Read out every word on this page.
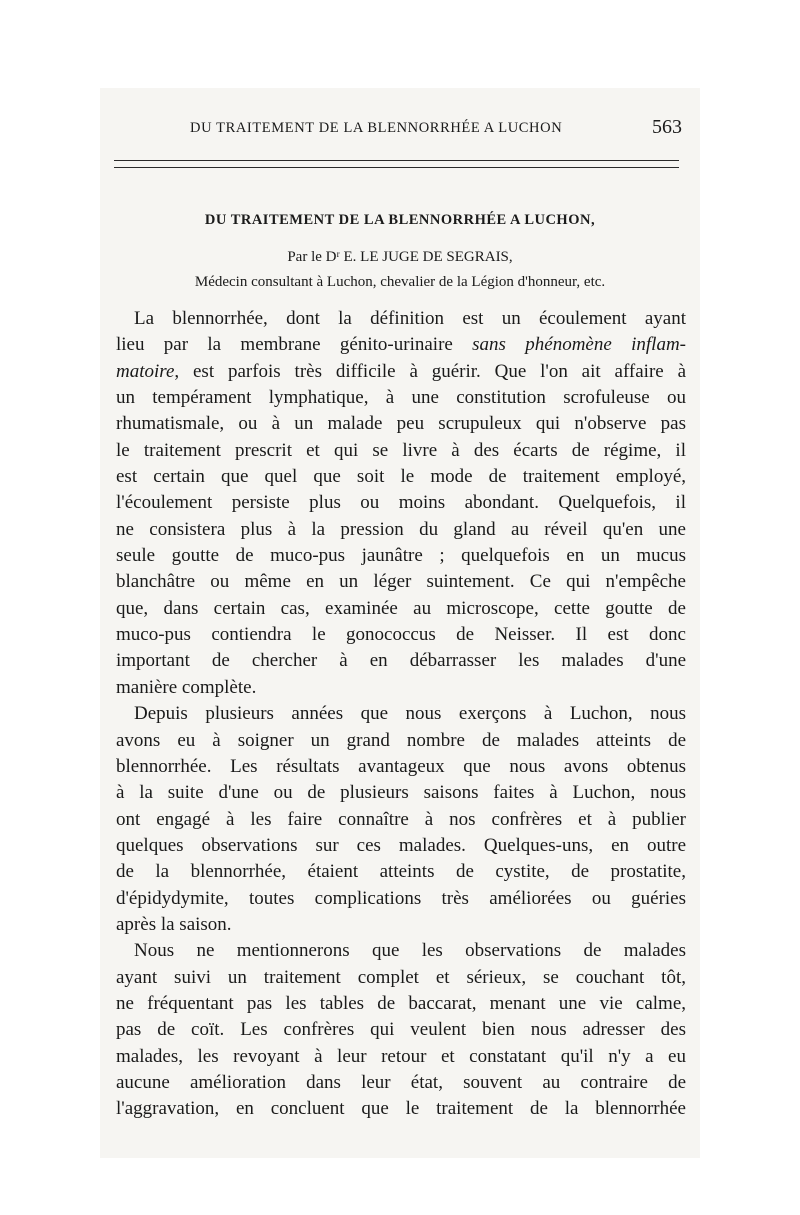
DU TRAITEMENT DE LA BLENNORRHÉE A LUCHON	563
DU TRAITEMENT DE LA BLENNORRHÉE A LUCHON,
Par le Dʳ E. LE JUGE DE SEGRAIS,
Médecin consultant à Luchon, chevalier de la Légion d'honneur, etc.
La blennorrhée, dont la définition est un écoulement ayant
lieu par la membrane génito-urinaire sans phénomène inflam-
matoire, est parfois très difficile à guérir. Que l'on ait affaire à
un tempérament lymphatique, à une constitution scrofuleuse ou
rhumatismale, ou à un malade peu scrupuleux qui n'observe pas
le traitement prescrit et qui se livre à des écarts de régime, il
est certain que quel que soit le mode de traitement employé,
l'écoulement persiste plus ou moins abondant. Quelquefois, il
ne consistera plus à la pression du gland au réveil qu'en une
seule goutte de muco-pus jaunâtre ; quelquefois en un mucus
blanchâtre ou même en un léger suintement. Ce qui n'empêche
que, dans certain cas, examinée au microscope, cette goutte de
muco-pus contiendra le gonococcus de Neisser. Il est donc
important de chercher à en débarrasser les malades d'une
manière complète.
Depuis plusieurs années que nous exerçons à Luchon, nous
avons eu à soigner un grand nombre de malades atteints de
blennorrhée. Les résultats avantageux que nous avons obtenus
à la suite d'une ou de plusieurs saisons faites à Luchon, nous
ont engagé à les faire connaître à nos confrères et à publier
quelques observations sur ces malades. Quelques-uns, en outre
de la blennorrhée, étaient atteints de cystite, de prostatite,
d'épidydymite, toutes complications très améliorées ou guéries
après la saison.
Nous ne mentionnerons que les observations de malades
ayant suivi un traitement complet et sérieux, se couchant tôt,
ne fréquentant pas les tables de baccarat, menant une vie calme,
pas de coït. Les confrères qui veulent bien nous adresser des
malades, les revoyant à leur retour et constatant qu'il n'y a eu
aucune amélioration dans leur état, souvent au contraire de
l'aggravation, en concluent que le traitement de la blennorrhée
